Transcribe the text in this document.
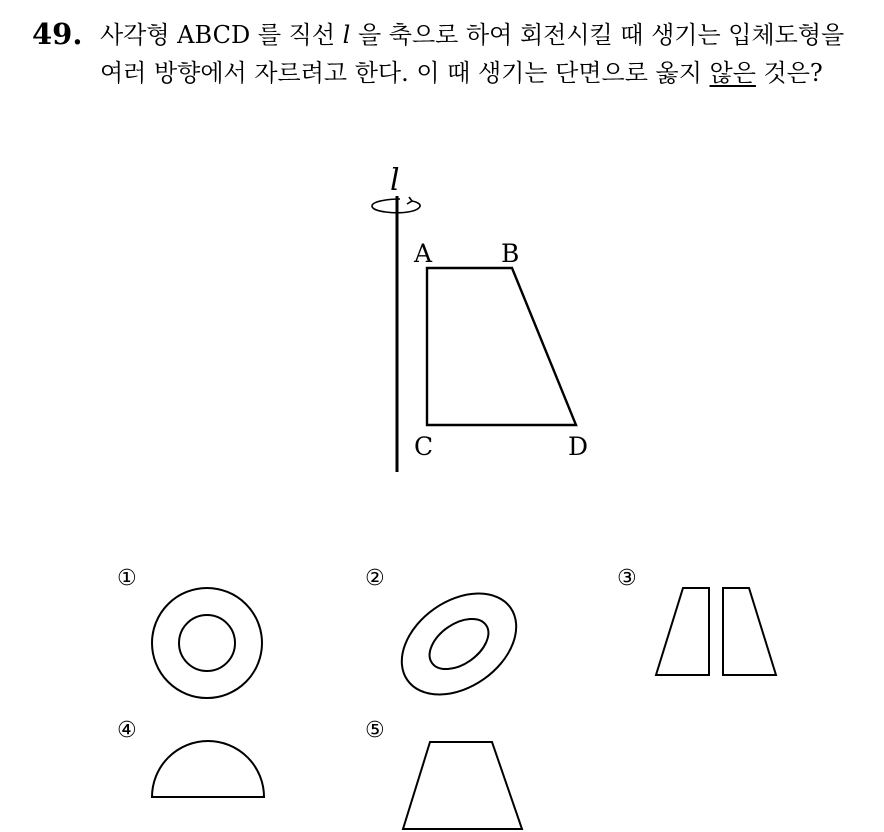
49. 사각형 ABCD 를 직선 l 을 축으로 하여 회전시킬 때 생기는 입체도형을 여러 방향에서 자르려고 한다. 이 때 생기는 단면으로 옳지 않은 것은?
l
A	B
C	D
①	②	③
④	⑤
